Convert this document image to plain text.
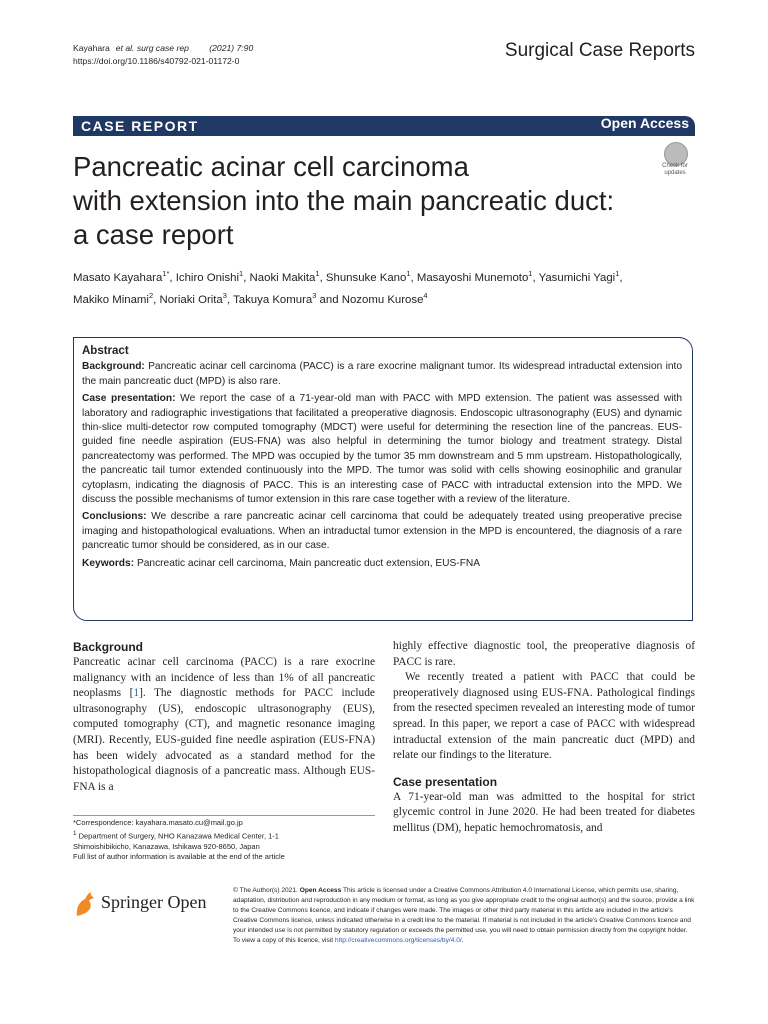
Kayahara et al. surg case rep (2021) 7:90
https://doi.org/10.1186/s40792-021-01172-0	Surgical Case Reports
CASE REPORT	Open Access
Check for
updates
Pancreatic acinar cell carcinoma
with extension into the main pancreatic duct:
a case report
Masato Kayahara$^{1*}$, Ichiro Onishi$^1$, Naoki Makita$^1$, Shunsuke Kano$^1$, Masayoshi Munemoto$^1$, Yasumichi Yagi$^1$,
Makiko Minami$^2$, Noriaki Orita$^3$, Takuya Komura$^3$ and Nozomu Kurose$^4$
Abstract

Background: Pancreatic acinar cell carcinoma (PACC) is a rare exocrine malignant tumor. Its widespread intraductal extension into the main pancreatic duct (MPD) is also rare.

Case presentation: We report the case of a 71-year-old man with PACC with MPD extension. The patient was assessed with laboratory and radiographic investigations that facilitated a preoperative diagnosis. Endoscopic ultrasonography (EUS) and dynamic thin-slice multi-detector row computed tomography (MDCT) were useful for determining the resection line of the pancreas. EUS-guided fine needle aspiration (EUS-FNA) was also helpful in determining the tumor biology and treatment strategy. Distal pancreatectomy was performed. The MPD was occupied by the tumor 35 mm downstream and 5 mm upstream. Histopathologically, the pancreatic tail tumor extended continuously into the MPD. The tumor was solid with cells showing eosinophilic and granular cytoplasm, indicating the diagnosis of PACC. This is an interesting case of PACC with intraductal extension into the MPD. We discuss the possible mechanisms of tumor extension in this rare case together with a review of the literature.

Conclusions: We describe a rare pancreatic acinar cell carcinoma that could be adequately treated using preoperative precise imaging and histopathological evaluations. When an intraductal tumor extension in the MPD is encountered, the diagnosis of a rare pancreatic tumor should be considered, as in our case.

Keywords: Pancreatic acinar cell carcinoma, Main pancreatic duct extension, EUS-FNA

Background

Pancreatic acinar cell carcinoma (PACC) is a rare exocrine malignancy with an incidence of less than 1% of all pancreatic neoplasms [1]. The diagnostic methods for PACC include ultrasonography (US), endoscopic ultrasonography (EUS), computed tomography (CT), and magnetic resonance imaging (MRI). Recently, EUS-guided fine needle aspiration (EUS-FNA) has been widely advocated as a standard method for the histopathological diagnosis of a pancreatic mass. Although EUS-FNA is a

highly effective diagnostic tool, the preoperative diagnosis of PACC is rare.

We recently treated a patient with PACC that could be preoperatively diagnosed using EUS-FNA. Pathological findings from the resected specimen revealed an interesting mode of tumor spread. In this paper, we report a case of PACC with widespread intraductal extension of the main pancreatic duct (MPD) and relate our findings to the literature.

Case presentation

A 71-year-old man was admitted to the hospital for strict glycemic control in June 2020. He had been treated for diabetes mellitus (DM), hepatic hemochromatosis, and

*Correspondence: kayahara.masato.cu@mail.go.jp

$^1$ Department of Surgery, NHO Kanazawa Medical Center, 1-1

Shimoishibikicho, Kanazawa, Ishikawa 920-8650, Japan

Full list of author information is available at the end of the article

Springer Open
© The Author(s) 2021. Open Access This article is licensed under a Creative Commons Attribution 4.0 International License, which permits use, sharing, adaptation, distribution and reproduction in any medium or format, as long as you give appropriate credit to the original author(s) and the source, provide a link to the Creative Commons licence, and indicate if changes were made. The images or other third party material in this article are included in the article's Creative Commons licence, unless indicated otherwise in a credit line to the material. If material is not included in the article's Creative Commons licence and your intended use is not permitted by statutory regulation or exceeds the permitted use, you will need to obtain permission directly from the copyright holder. To view a copy of this licence, visit http://creativecommons.org/licenses/by/4.0/.
